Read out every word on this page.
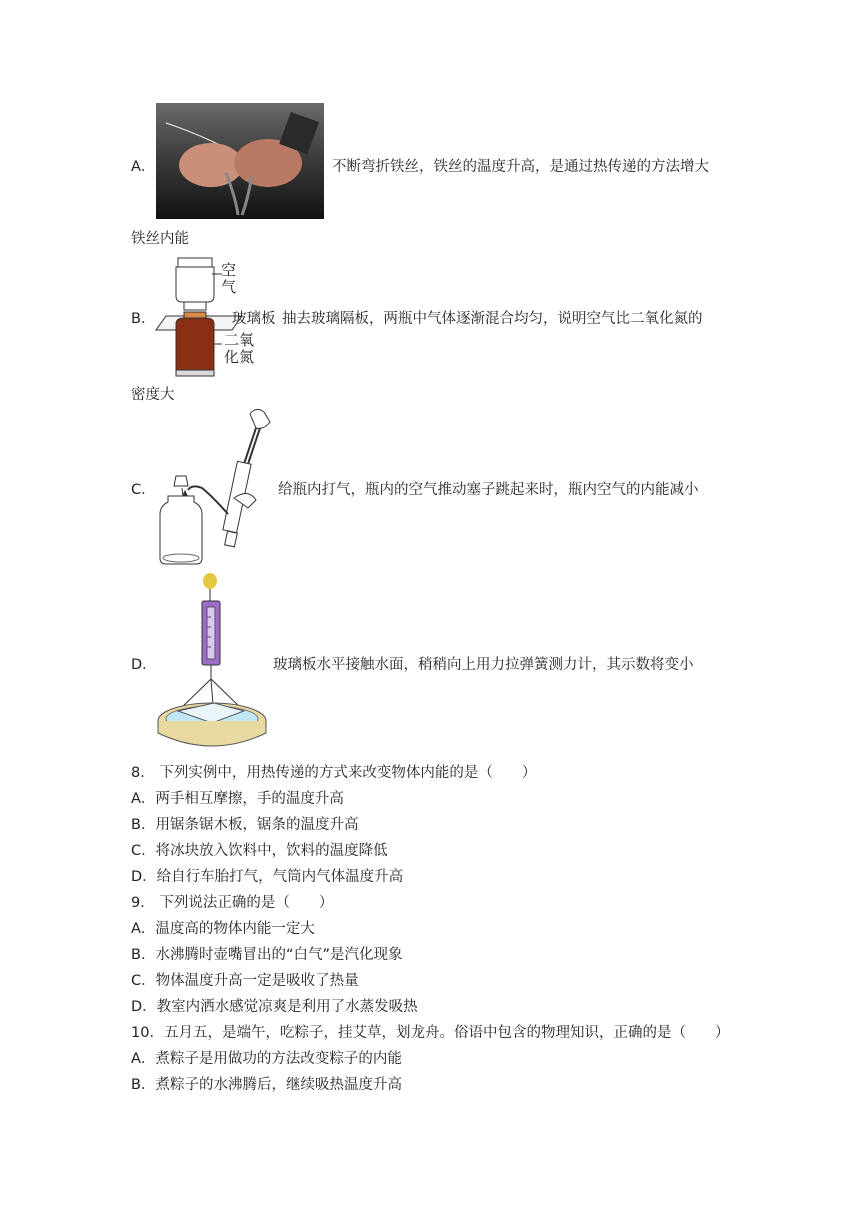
A．	不断弯折铁丝，铁丝的温度升高，是通过热传递的方法增大
铁丝内能
B．
空气
玻璃板
二氧化氮
抽去玻璃隔板，两瓶中气体逐渐混合均匀，说明空气比二氧化氮的
密度大
C．	给瓶内打气，瓶内的空气推动塞子跳起来时，瓶内空气的内能减小
D．	玻璃板水平接触水面，稍稍向上用力拉弹簧测力计，其示数将变小
8． 下列实例中，用热传递的方式来改变物体内能的是（　　）
A．两手相互摩擦，手的温度升高
B．用锯条锯木板，锯条的温度升高
C．将冰块放入饮料中，饮料的温度降低
D．给自行车胎打气，气筒内气体温度升高
9． 下列说法正确的是（　　）
A．温度高的物体内能一定大
B．水沸腾时壶嘴冒出的“白气”是汽化现象
C．物体温度升高一定是吸收了热量
D．教室内洒水感觉凉爽是利用了水蒸发吸热
10．五月五，是端午，吃粽子，挂艾草，划龙舟。俗语中包含的物理知识，正确的是（　　）
A．煮粽子是用做功的方法改变粽子的内能
B．煮粽子的水沸腾后，继续吸热温度升高
